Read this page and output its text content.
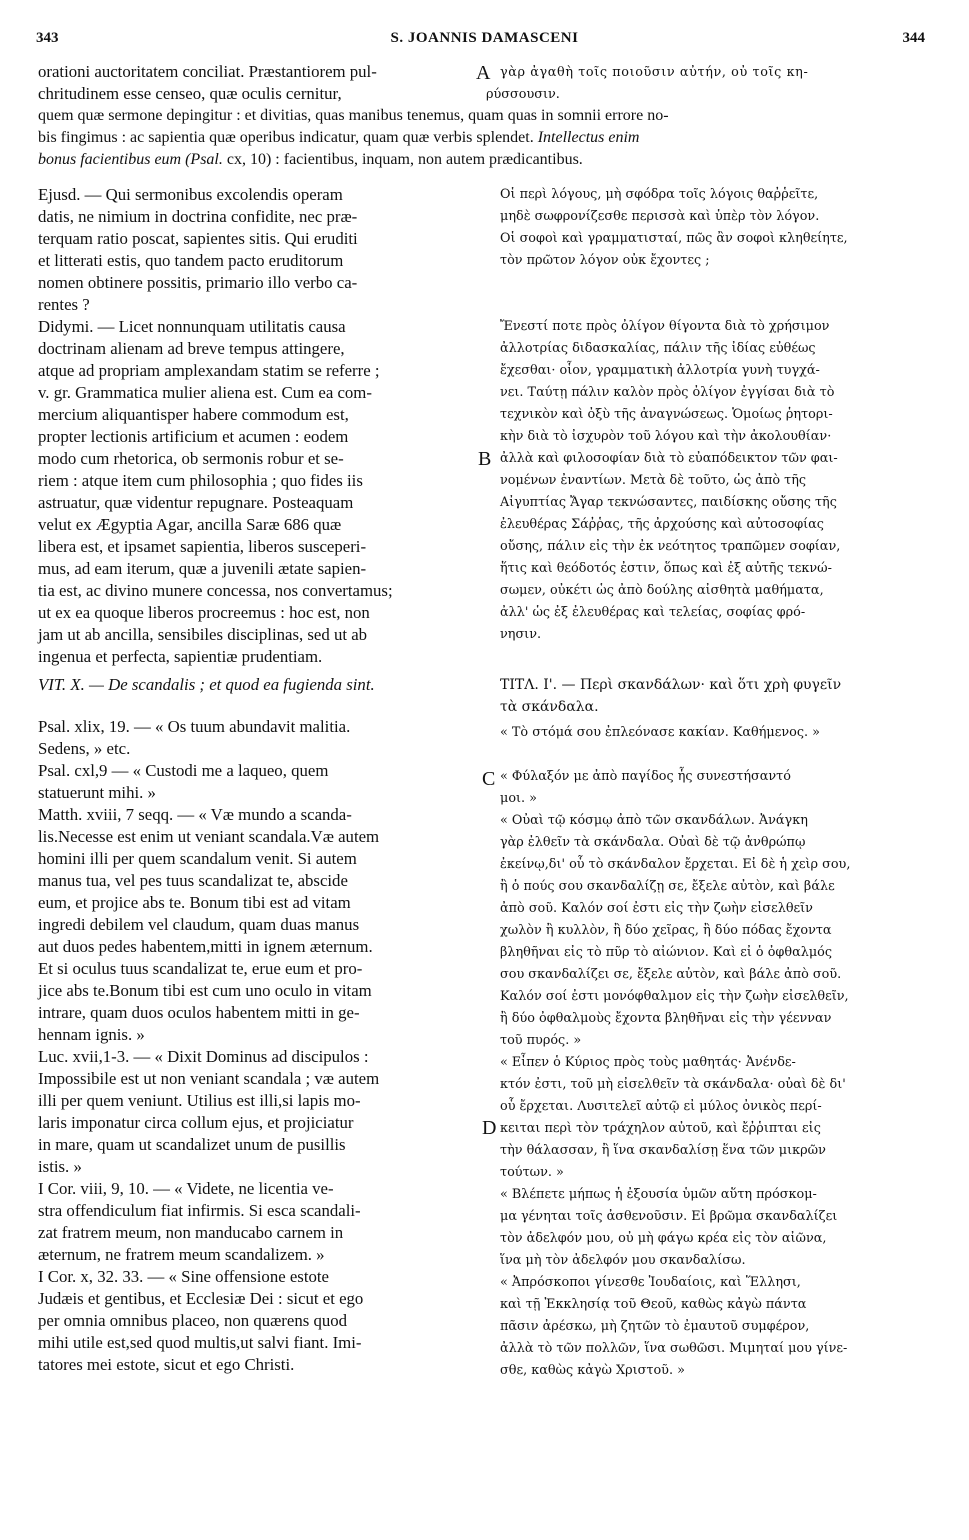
343	S. JOANNIS DAMASCENI	344
orationi auctoritatem conciliat. Præstantiorem pul-
chritudinem esse censeo, quæ oculis cernitur,
A γὰρ ἀγαθὴ τοῖς ποιοῦσιν αὐτήν, οὐ τοῖς κη-
ρύσσουσιν.
quem quæ sermone depingitur : et divitias, quas manibus tenemus, quam quas in somnii errore no-
bis fingimus : ac sapientia quæ operibus indicatur, quam quæ verbis splendet. Intellectus enim
bonus facientibus eum (Psal. cx, 10) : facientibus, inquam, non autem prædicantibus.
B
C
D

Ejusd. — Qui sermonibus excolendis operam
datis, ne nimium in doctrina confidite, nec præ-
terquam ratio poscat, sapientes sitis. Qui eruditi
et litterati estis, quo tandem pacto eruditorum
nomen obtinere possitis, primario illo verbo ca-
rentes ?

Didymi. — Licet nonnunquam utilitatis causa
doctrinam alienam ad breve tempus attingere,
atque ad propriam amplexandam statim se referre ;
v. gr. Grammatica mulier aliena est. Cum ea com-
mercium aliquantisper habere commodum est,
propter lectionis artificium et acumen : eodem
modo cum rhetorica, ob sermonis robur et se-
riem : atque item cum philosophia ; quo fides iis
astruatur, quæ videntur repugnare. Posteaquam
velut ex Ægyptia Agar, ancilla Saræ 686 quæ
libera est, et ipsamet sapientia, liberos susceperi-
mus, ad eam iterum, quæ a juvenili ætate sapien-
tia est, ac divino munere concessa, nos convertamus;
ut ex ea quoque liberos procreemus : hoc est, non
jam ut ab ancilla, sensibiles disciplinas, sed ut ab
ingenua et perfecta, sapientiæ prudentiam.

VIT. X. — De scandalis ; et quod ea fugienda sint.

Psal. xlix, 19. — « Os tuum abundavit malitia.
Sedens, » etc.

Psal. cxl,9 — « Custodi me a laqueo, quem
statuerunt mihi. »

Matth. xviii, 7 seqq. — « Væ mundo a scanda-
lis.Necesse est enim ut veniant scandala.Væ autem
homini illi per quem scandalum venit. Si autem
manus tua, vel pes tuus scandalizat te, abscide
eum, et projice abs te. Bonum tibi est ad vitam
ingredi debilem vel claudum, quam duas manus
aut duos pedes habentem,mitti in ignem æternum.
Et si oculus tuus scandalizat te, erue eum et pro-
jice abs te.Bonum tibi est cum uno oculo in vitam
intrare, quam duos oculos habentem mitti in ge-
hennam ignis. »

Luc. xvii,1-3. — « Dixit Dominus ad discipulos :
Impossibile est ut non veniant scandala ; væ autem
illi per quem veniunt. Utilius est illi,si lapis mo-
laris imponatur circa collum ejus, et projiciatur
in mare, quam ut scandalizet unum de pusillis
istis. »

I Cor. viii, 9, 10. — « Videte, ne licentia ve-
stra offendiculum fiat infirmis. Si esca scandali-
zat fratrem meum, non manducabo carnem in
æternum, ne fratrem meum scandalizem. »

I Cor. x, 32. 33. — « Sine offensione estote
Judæis et gentibus, et Ecclesiæ Dei : sicut et ego
per omnia omnibus placeo, non quærens quod
mihi utile est,sed quod multis,ut salvi fiant. Imi-
tatores mei estote, sicut et ego Christi.

Οἱ περὶ λόγους, μὴ σφόδρα τοῖς λόγοις θαῤῥεῖτε,
μηδὲ σωφρονίζεσθε περισσὰ καὶ ὑπὲρ τὸν λόγον.
Οἱ σοφοὶ καὶ γραμματισταί, πῶς ἂν σοφοὶ κληθείητε,
τὸν πρῶτον λόγον οὐκ ἔχοντες ;

Ἔνεστί ποτε πρὸς ὀλίγον θίγοντα διὰ τὸ χρήσιμον
ἀλλοτρίας διδασκαλίας, πάλιν τῆς ἰδίας εὐθέως
ἔχεσθαι· οἷον, γραμματικὴ ἀλλοτρία γυνὴ τυγχά-
νει. Ταύτῃ πάλιν καλὸν πρὸς ὀλίγον ἐγγίσαι διὰ τὸ
τεχνικὸν καὶ ὀξὺ τῆς ἀναγνώσεως. Ὁμοίως ῥητορι-
κὴν διὰ τὸ ἰσχυρὸν τοῦ λόγου καὶ τὴν ἀκολουθίαν·
ἀλλὰ καὶ φιλοσοφίαν διὰ τὸ εὐαπόδεικτον τῶν φαι-
νομένων ἐναντίων. Μετὰ δὲ τοῦτο, ὡς ἀπὸ τῆς
Αἰγυπτίας Ἄγαρ τεκνώσαντες, παιδίσκης οὔσης τῆς
ἐλευθέρας Σάῤῥας, τῆς ἀρχούσης καὶ αὐτοσοφίας
οὔσης, πάλιν εἰς τὴν ἐκ νεότητος τραπῶμεν σοφίαν,
ἥτις καὶ θεόδοτός ἐστιν, ὅπως καὶ ἐξ αὐτῆς τεκνώ-
σωμεν, οὐκέτι ὡς ἀπὸ δούλης αἰσθητὰ μαθήματα,
ἀλλ' ὡς ἐξ ἐλευθέρας καὶ τελείας, σοφίας φρό-
νησιν.

ΤΙΤΛ. Ι'. — Περὶ σκανδάλων· καὶ ὅτι χρὴ φυγεῖν
τὰ σκάνδαλα.

« Τὸ στόμά σου ἐπλεόνασε κακίαν. Καθήμενος. »

« Φύλαξόν με ἀπὸ παγίδος ἧς συνεστήσαντό
μοι. »

« Οὐαὶ τῷ κόσμῳ ἀπὸ τῶν σκανδάλων. Ἀνάγκη
γὰρ ἐλθεῖν τὰ σκάνδαλα. Οὐαὶ δὲ τῷ ἀνθρώπῳ
ἐκείνῳ,δι' οὗ τὸ σκάνδαλον ἔρχεται. Εἰ δὲ ἡ χεὶρ σου,
ἢ ὁ πούς σου σκανδαλίζῃ σε, ἔξελε αὐτὸν, καὶ βάλε
ἀπὸ σοῦ. Καλόν σοί ἐστι εἰς τὴν ζωὴν εἰσελθεῖν
χωλὸν ἢ κυλλὸν, ἢ δύο χεῖρας, ἢ δύο πόδας ἔχοντα
βληθῆναι εἰς τὸ πῦρ τὸ αἰώνιον. Καὶ εἰ ὁ ὀφθαλμός
σου σκανδαλίζει σε, ἔξελε αὐτὸν, καὶ βάλε ἀπὸ σοῦ.
Καλόν σοί ἐστι μονόφθαλμον εἰς τὴν ζωὴν εἰσελθεῖν,
ἢ δύο ὀφθαλμοὺς ἔχοντα βληθῆναι εἰς τὴν γέενναν
τοῦ πυρός. »

« Εἶπεν ὁ Κύριος πρὸς τοὺς μαθητάς· Ἀνένδε-
κτόν ἐστι, τοῦ μὴ εἰσελθεῖν τὰ σκάνδαλα· οὐαὶ δὲ δι'
οὗ ἔρχεται. Λυσιτελεῖ αὐτῷ εἰ μύλος ὀνικὸς περί-
κειται περὶ τὸν τράχηλον αὐτοῦ, καὶ ἔῤῥιπται εἰς
τὴν θάλασσαν, ἢ ἵνα σκανδαλίσῃ ἕνα τῶν μικρῶν
τούτων. »

« Βλέπετε μήπως ἡ ἐξουσία ὑμῶν αὕτη πρόσκομ-
μα γένηται τοῖς ἀσθενοῦσιν. Εἰ βρῶμα σκανδαλίζει
τὸν ἀδελφόν μου, οὐ μὴ φάγω κρέα εἰς τὸν αἰῶνα,
ἵνα μὴ τὸν ἀδελφόν μου σκανδαλίσω.

« Ἀπρόσκοποι γίνεσθε Ἰουδαίοις, καὶ Ἕλλησι,
καὶ τῇ Ἐκκλησίᾳ τοῦ Θεοῦ, καθὼς κἀγὼ πάντα
πᾶσιν ἀρέσκω, μὴ ζητῶν τὸ ἐμαυτοῦ συμφέρον,
ἀλλὰ τὸ τῶν πολλῶν, ἵνα σωθῶσι. Μιμηταί μου γίνε-
σθε, καθὼς κἀγὼ Χριστοῦ. »
